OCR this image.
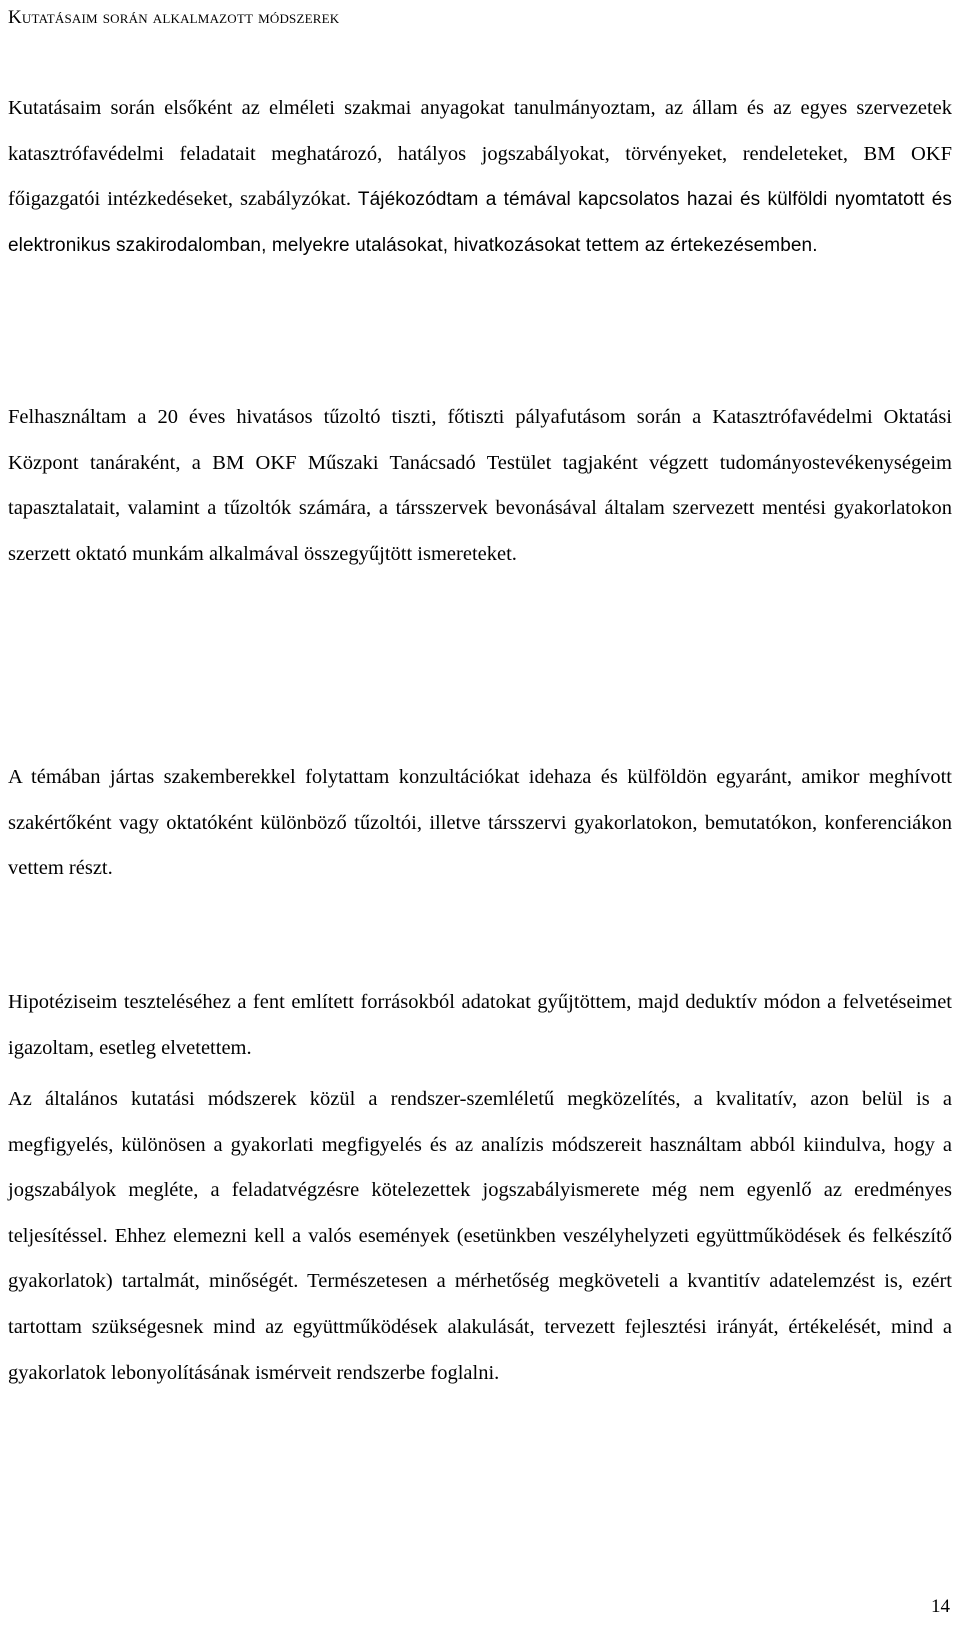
Kutatásaim során alkalmazott módszerek

Kutatásaim során elsőként az elméleti szakmai anyagokat tanulmányoztam, az állam és az egyes szervezetek katasztrófavédelmi feladatait meghatározó, hatályos jogszabályokat, törvényeket, rendeleteket, BM OKF főigazgatói intézkedéseket, szabályzókat. Tájékozódtam a témával kapcsolatos hazai és külföldi nyomtatott és elektronikus szakirodalomban, melyekre utalásokat, hivatkozásokat tettem az értekezésemben.

Felhasználtam a 20 éves hivatásos tűzoltó tiszti, főtiszti pályafutásom során a Katasztrófavédelmi Oktatási Központ tanáraként, a BM OKF Műszaki Tanácsadó Testület tagjaként végzett tudományostevékenységeim tapasztalatait, valamint a tűzoltók számára, a társszervek bevonásával általam szervezett mentési gyakorlatokon szerzett oktató munkám alkalmával összegyűjtött ismereteket.

A témában jártas szakemberekkel folytattam konzultációkat idehaza és külföldön egyaránt, amikor meghívott szakértőként vagy oktatóként különböző tűzoltói, illetve társszervi gyakorlatokon, bemutatókon, konferenciákon vettem részt.

Hipotéziseim teszteléséhez a fent említett forrásokból adatokat gyűjtöttem, majd deduktív módon a felvetéseimet igazoltam, esetleg elvetettem.

Az általános kutatási módszerek közül a rendszer-szemléletű megközelítés, a kvalitatív, azon belül is a megfigyelés, különösen a gyakorlati megfigyelés és az analízis módszereit használtam abból kiindulva, hogy a jogszabályok megléte, a feladatvégzésre kötelezettek jogszabályismerete még nem egyenlő az eredményes teljesítéssel. Ehhez elemezni kell a valós események (esetünkben veszélyhelyzeti együttműködések és felkészítő gyakorlatok) tartalmát, minőségét. Természetesen a mérhetőség megköveteli a kvantitív adatelemzést is, ezért tartottam szükségesnek mind az együttműködések alakulását, tervezett fejlesztési irányát, értékelését, mind a gyakorlatok lebonyolításának ismérveit rendszerbe foglalni.

14
